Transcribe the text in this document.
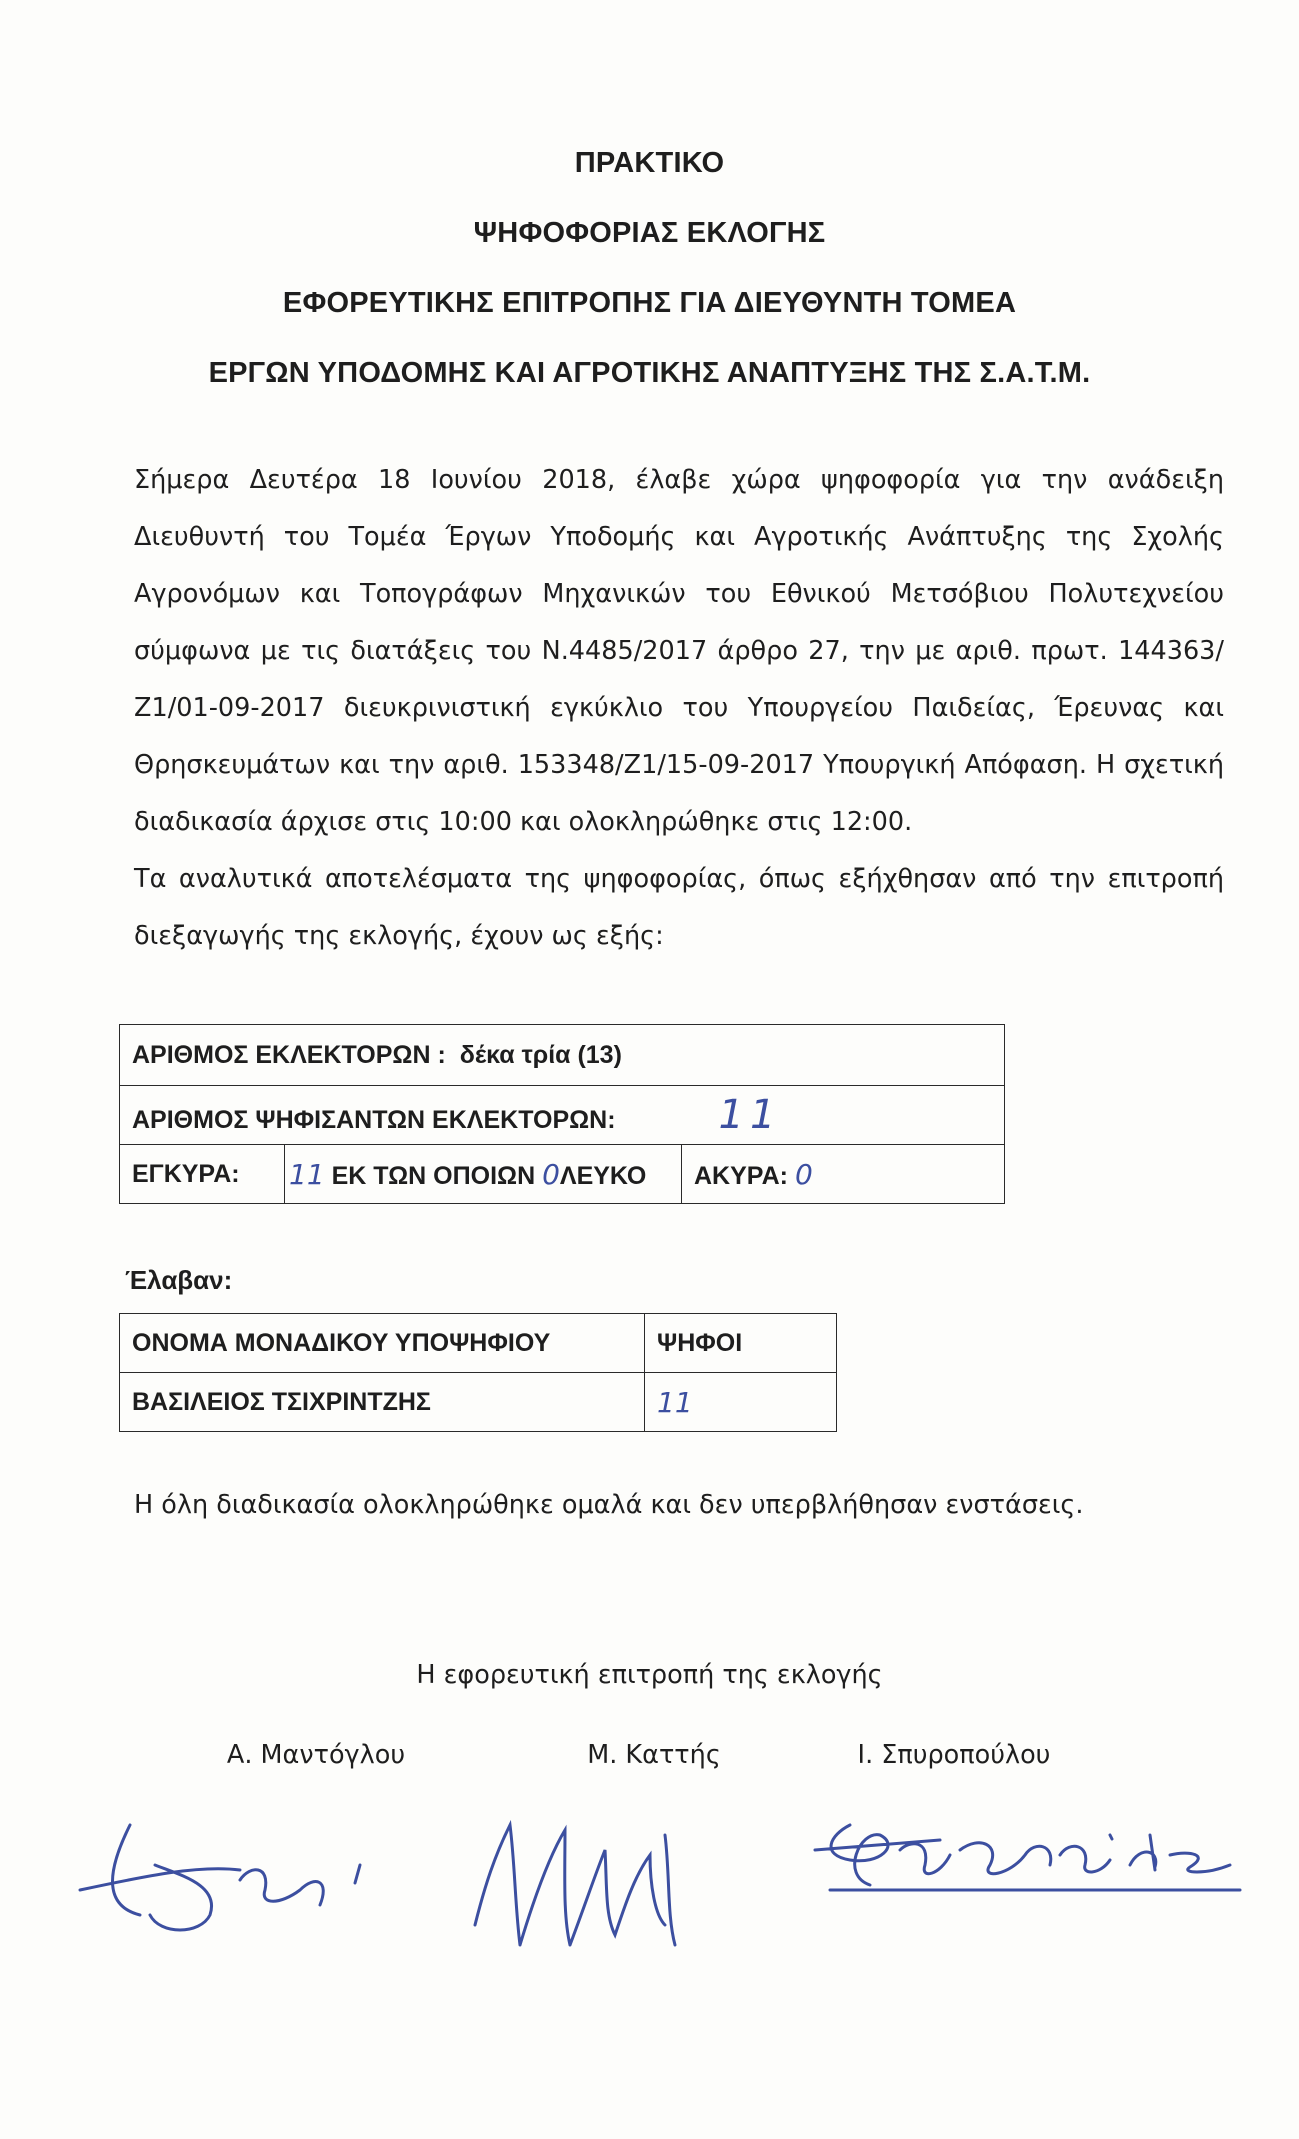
ΠΡΑΚΤΙΚΟ

ΨΗΦΟΦΟΡΙΑΣ ΕΚΛΟΓΗΣ

ΕΦΟΡΕΥΤΙΚΗΣ ΕΠΙΤΡΟΠΗΣ ΓΙΑ ΔΙΕΥΘΥΝΤΗ ΤΟΜΕΑ

ΕΡΓΩΝ ΥΠΟΔΟΜΗΣ ΚΑΙ ΑΓΡΟΤΙΚΗΣ ΑΝΑΠΤΥΞΗΣ ΤΗΣ Σ.Α.Τ.Μ.

Σήμερα Δευτέρα 18 Ιουνίου 2018, έλαβε χώρα ψηφοφορία για την ανάδειξη Διευθυντή του Τομέα Έργων Υποδομής και Αγροτικής Ανάπτυξης της Σχολής Αγρονόμων και Τοπογράφων Μηχανικών του Εθνικού Μετσόβιου Πολυτεχνείου σύμφωνα με τις διατάξεις του Ν.4485/2017 άρθρο 27, την με αριθ. πρωτ. 144363/Ζ1/01-09-2017 διευκρινιστική εγκύκλιο του Υπουργείου Παιδείας, Έρευνας και Θρησκευμάτων και την αριθ. 153348/Ζ1/15-09-2017 Υπουργική Απόφαση. Η σχετική διαδικασία άρχισε στις 10:00 και ολοκληρώθηκε στις 12:00.

Τα αναλυτικά αποτελέσματα της ψηφοφορίας, όπως εξήχθησαν από την επιτροπή διεξαγωγής της εκλογής, έχουν ως εξής:

ΑΡΙΘΜΟΣ ΕΚΛΕΚΤΟΡΩΝ : δέκα τρία (13)
ΑΡΙΘΜΟΣ ΨΗΦΙΣΑΝΤΩΝ ΕΚΛΕΚΤΟΡΩΝ:	11
ΕΓΚΥΡΑ:	11 ΕΚ ΤΩΝ ΟΠΟΙΩΝ 0ΛΕΥΚΟ	ΑΚΥΡΑ: 0
Έλαβαν:
ΟΝΟΜΑ ΜΟΝΑΔΙΚΟΥ ΥΠΟΨΗΦΙΟΥ	ΨΗΦΟΙ
ΒΑΣΙΛΕΙΟΣ ΤΣΙΧΡΙΝΤΖΗΣ	11
Η όλη διαδικασία ολοκληρώθηκε ομαλά και δεν υπερβλήθησαν ενστάσεις.
Η εφορευτική επιτροπή της εκλογής
Α. Μαντόγλου	Μ. Καττής	Ι. Σπυροπούλου
